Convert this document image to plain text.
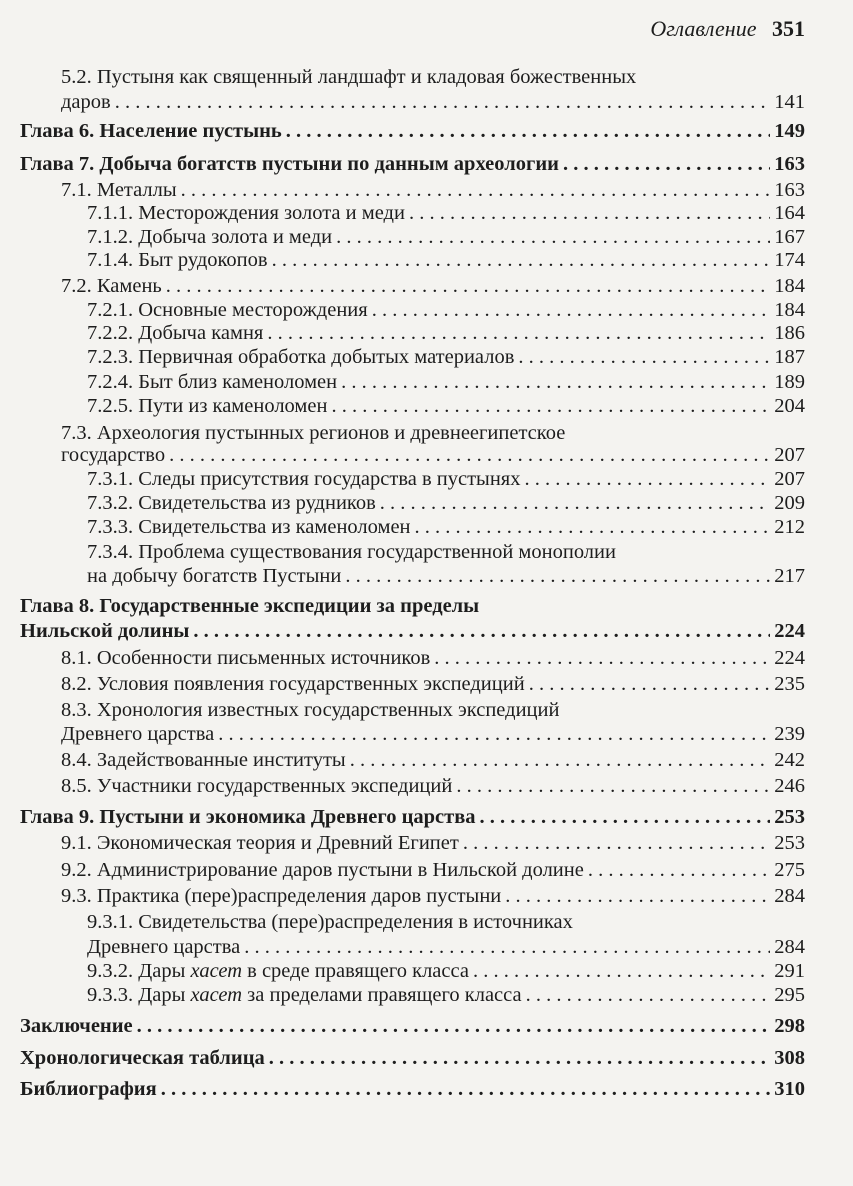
Оглавление 351
5.2. Пустыня как священный ландшафт и кладовая божественных
даров . . .	141
Глава 6. Население пустынь . . .	149
Глава 7. Добыча богатств пустыни по данным археологии . . .	163
7.1. Металлы . . .	163
7.1.1. Месторождения золота и меди . . .	164
7.1.2. Добыча золота и меди . . .	167
7.1.4. Быт рудокопов . . .	174
7.2. Камень . . .	184
7.2.1. Основные месторождения . . .	184
7.2.2. Добыча камня . . .	186
7.2.3. Первичная обработка добытых материалов . . .	187
7.2.4. Быт близ каменоломен . . .	189
7.2.5. Пути из каменоломен . . .	204
7.3. Археология пустынных регионов и древнеегипетское
государство . . .	207
7.3.1. Следы присутствия государства в пустынях . . .	207
7.3.2. Свидетельства из рудников . . .	209
7.3.3. Свидетельства из каменоломен . . .	212
7.3.4. Проблема существования государственной монополии
на добычу богатств Пустыни . . .	217
Глава 8. Государственные экспедиции за пределы
Нильской долины . . .	224
8.1. Особенности письменных источников . . .	224
8.2. Условия появления государственных экспедиций . . .	235
8.3. Хронология известных государственных экспедиций
Древнего царства . . .	239
8.4. Задействованные институты . . .	242
8.5. Участники государственных экспедиций . . .	246
Глава 9. Пустыни и экономика Древнего царства . . .	253
9.1. Экономическая теория и Древний Египет . . .	253
9.2. Администрирование даров пустыни в Нильской долине . . .	275
9.3. Практика (пере)распределения даров пустыни . . .	284
9.3.1. Свидетельства (пере)распределения в источниках
Древнего царства . . .	284
9.3.2. Дары хасет в среде правящего класса . . .	291
9.3.3. Дары хасет за пределами правящего класса . . .	295
Заключение . . .	298
Хронологическая таблица . . .	308
Библиография . . .	310
